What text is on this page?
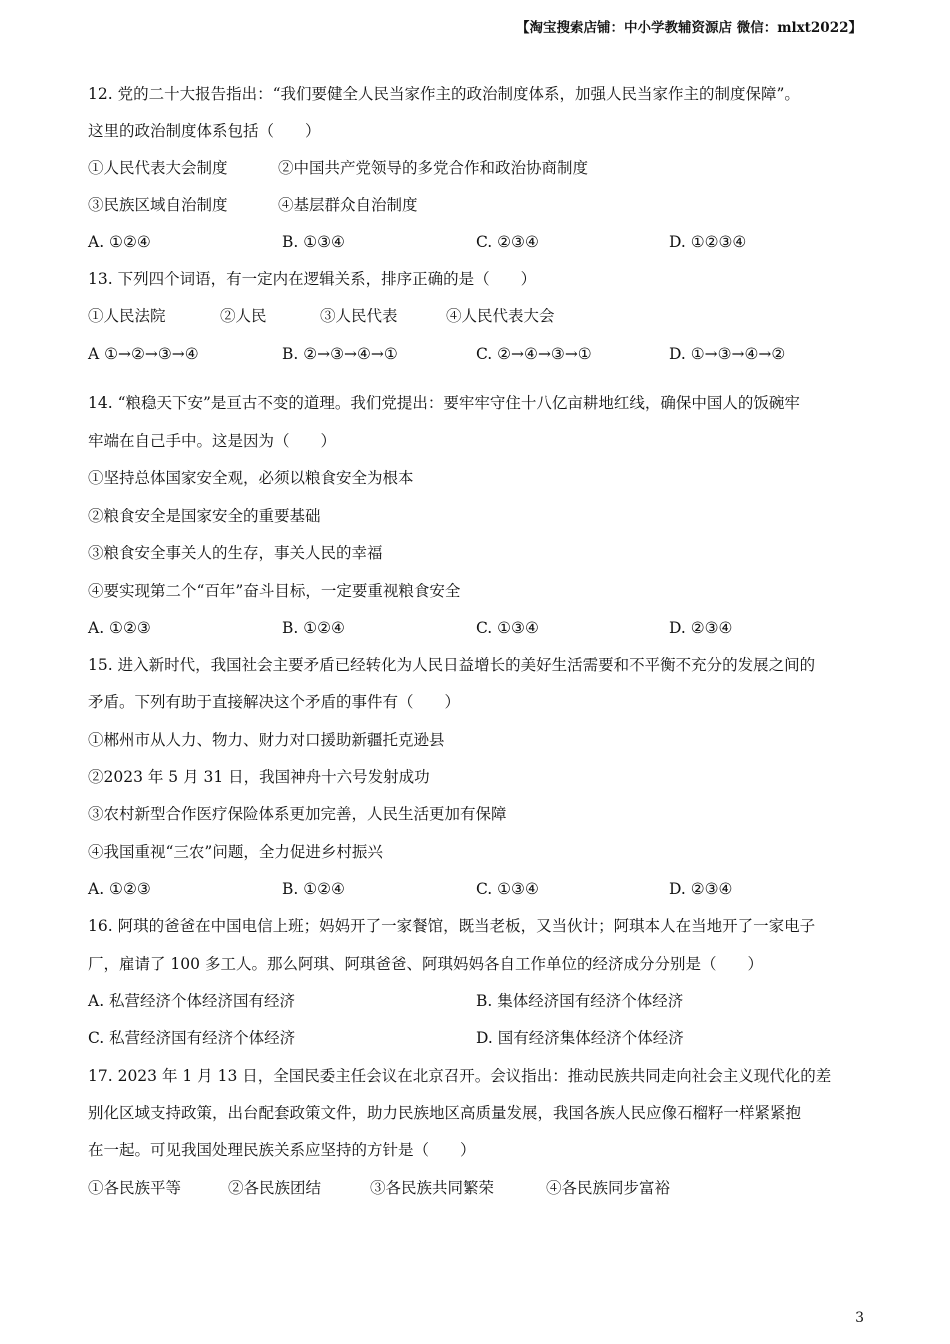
【淘宝搜索店铺：中小学教辅资源店 微信：mlxt2022】
12. 党的二十大报告指出：“我们要健全人民当家作主的政治制度体系，加强人民当家作主的制度保障”。
这里的政治制度体系包括（　　）
①人民代表大会制度	②中国共产党领导的多党合作和政治协商制度
③民族区域自治制度	④基层群众自治制度
A. ①②④	B. ①③④	C. ②③④	D. ①②③④
13. 下列四个词语，有一定内在逻辑关系，排序正确的是（　　）
①人民法院	②人民	③人民代表	④人民代表大会
A ①→②→③→④	B. ②→③→④→①	C. ②→④→③→①	D. ①→③→④→②
14. “粮稳天下安”是亘古不变的道理。我们党提出：要牢牢守住十八亿亩耕地红线，确保中国人的饭碗牢
牢端在自己手中。这是因为（　　）
①坚持总体国家安全观，必须以粮食安全为根本
②粮食安全是国家安全的重要基础
③粮食安全事关人的生存，事关人民的幸福
④要实现第二个“百年”奋斗目标，一定要重视粮食安全
A. ①②③	B. ①②④	C. ①③④	D. ②③④
15. 进入新时代，我国社会主要矛盾已经转化为人民日益增长的美好生活需要和不平衡不充分的发展之间的
矛盾。下列有助于直接解决这个矛盾的事件有（　　）
①郴州市从人力、物力、财力对口援助新疆托克逊县
②2023 年 5 月 31 日，我国神舟十六号发射成功
③农村新型合作医疗保险体系更加完善，人民生活更加有保障
④我国重视“三农”问题，全力促进乡村振兴
A. ①②③	B. ①②④	C. ①③④	D. ②③④
16. 阿琪的爸爸在中国电信上班；妈妈开了一家餐馆，既当老板，又当伙计；阿琪本人在当地开了一家电子
厂，雇请了 100 多工人。那么阿琪、阿琪爸爸、阿琪妈妈各自工作单位的经济成分分别是（　　）
A. 私营经济个体经济国有经济	B. 集体经济国有经济个体经济
C. 私营经济国有经济个体经济	D. 国有经济集体经济个体经济
17. 2023 年 1 月 13 日，全国民委主任会议在北京召开。会议指出：推动民族共同走向社会主义现代化的差
别化区域支持政策，出台配套政策文件，助力民族地区高质量发展，我国各族人民应像石榴籽一样紧紧抱
在一起。可见我国处理民族关系应坚持的方针是（　　）
①各民族平等	②各民族团结	③各民族共同繁荣	④各民族同步富裕
3
